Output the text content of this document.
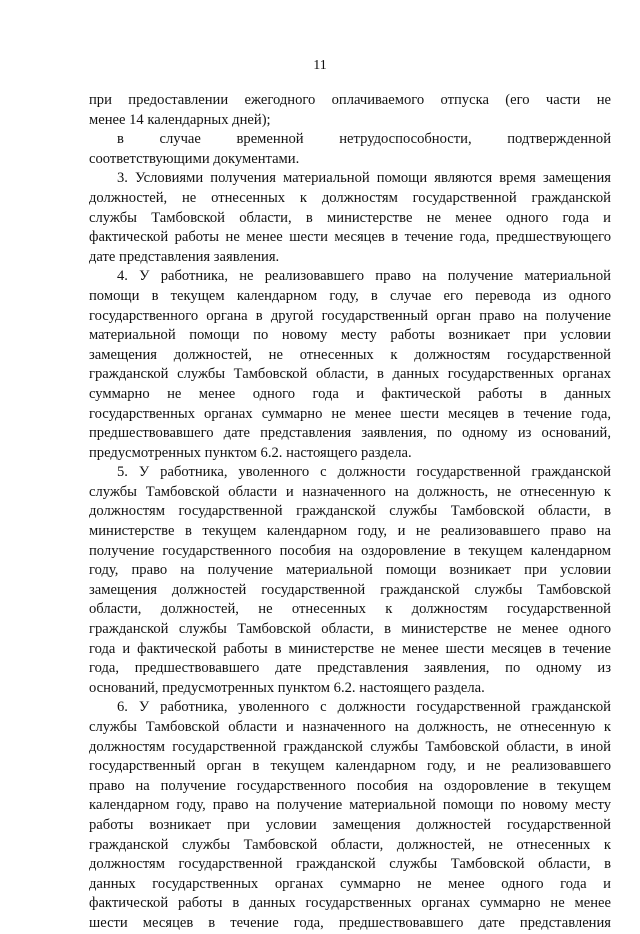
11
при предоставлении ежегодного оплачиваемого отпуска (его части не
менее 14 календарных дней);
в случае временной нетрудоспособности, подтвержденной
соответствующими документами.
3. Условиями получения материальной помощи являются время замещения
должностей, не отнесенных к должностям государственной гражданской
службы Тамбовской области, в министерстве не менее одного года и
фактической работы не менее шести месяцев в течение года, предшествующего
дате представления заявления.
4. У работника, не реализовавшего право на получение материальной
помощи в текущем календарном году, в случае его перевода из одного
государственного органа в другой государственный орган право на получение
материальной помощи по новому месту работы возникает при условии
замещения должностей, не отнесенных к должностям государственной
гражданской службы Тамбовской области, в данных государственных органах
суммарно не менее одного года и фактической работы в данных
государственных органах суммарно не менее шести месяцев в течение года,
предшествовавшего дате представления заявления, по одному из оснований,
предусмотренных пунктом 6.2. настоящего раздела.
5. У работника, уволенного с должности государственной гражданской
службы Тамбовской области и назначенного на должность, не отнесенную к
должностям государственной гражданской службы Тамбовской области, в
министерстве в текущем календарном году, и не реализовавшего право на
получение государственного пособия на оздоровление в текущем календарном
году, право на получение материальной помощи возникает при условии
замещения должностей государственной гражданской службы Тамбовской
области, должностей, не отнесенных к должностям государственной
гражданской службы Тамбовской области, в министерстве не менее одного
года и фактической работы в министерстве не менее шести месяцев в течение
года, предшествовавшего дате представления заявления, по одному из
оснований, предусмотренных пунктом 6.2. настоящего раздела.
6. У работника, уволенного с должности государственной гражданской
службы Тамбовской области и назначенного на должность, не отнесенную к
должностям государственной гражданской службы Тамбовской области, в иной
государственный орган в текущем календарном году, и не реализовавшего
право на получение государственного пособия на оздоровление в текущем
календарном году, право на получение материальной помощи по новому месту
работы возникает при условии замещения должностей государственной
гражданской службы Тамбовской области, должностей, не отнесенных к
должностям государственной гражданской службы Тамбовской области, в
данных государственных органах суммарно не менее одного года и
фактической работы в данных государственных органах суммарно не менее
шести месяцев в течение года, предшествовавшего дате представления
